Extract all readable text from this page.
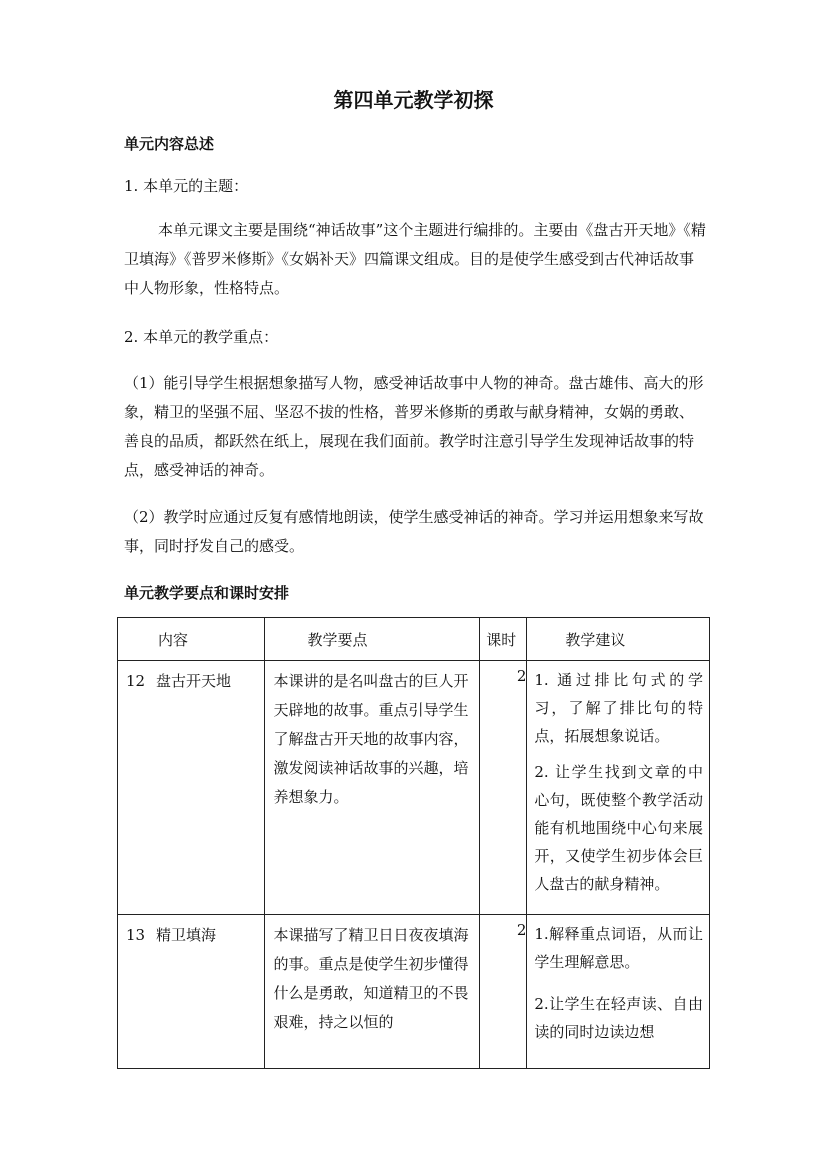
第四单元教学初探
单元内容总述
1. 本单元的主题：
本单元课文主要是围绕“神话故事”这个主题进行编排的。主要由《盘古开天地》《精卫填海》《普罗米修斯》《女娲补天》四篇课文组成。目的是使学生感受到古代神话故事中人物形象，性格特点。
2. 本单元的教学重点：
（1）能引导学生根据想象描写人物，感受神话故事中人物的神奇。盘古雄伟、高大的形象，精卫的坚强不屈、坚忍不拔的性格，普罗米修斯的勇敢与献身精神，女娲的勇敢、善良的品质，都跃然在纸上，展现在我们面前。教学时注意引导学生发现神话故事的特点，感受神话的神奇。
（2）教学时应通过反复有感情地朗读，使学生感受神话的神奇。学习并运用想象来写故事，同时抒发自己的感受。
单元教学要点和课时安排
内容	教学要点	课时	教学建议
12 盘古开天地	本课讲的是名叫盘古的巨人开天辟地的故事。重点引导学生了解盘古开天地的故事内容，激发阅读神话故事的兴趣，培养想象力。	2	1. 通过排比句式的学习，了解了排比句的特点，拓展想象说话。

2. 让学生找到文章的中心句，既使整个教学活动能有机地围绕中心句来展开，又使学生初步体会巨人盘古的献身精神。

13 精卫填海	本课描写了精卫日日夜夜填海的事。重点是使学生初步懂得什么是勇敢，知道精卫的不畏艰难，持之以恒的	2	1.解释重点词语，从而让学生理解意思。

2.让学生在轻声读、自由读的同时边读边想
